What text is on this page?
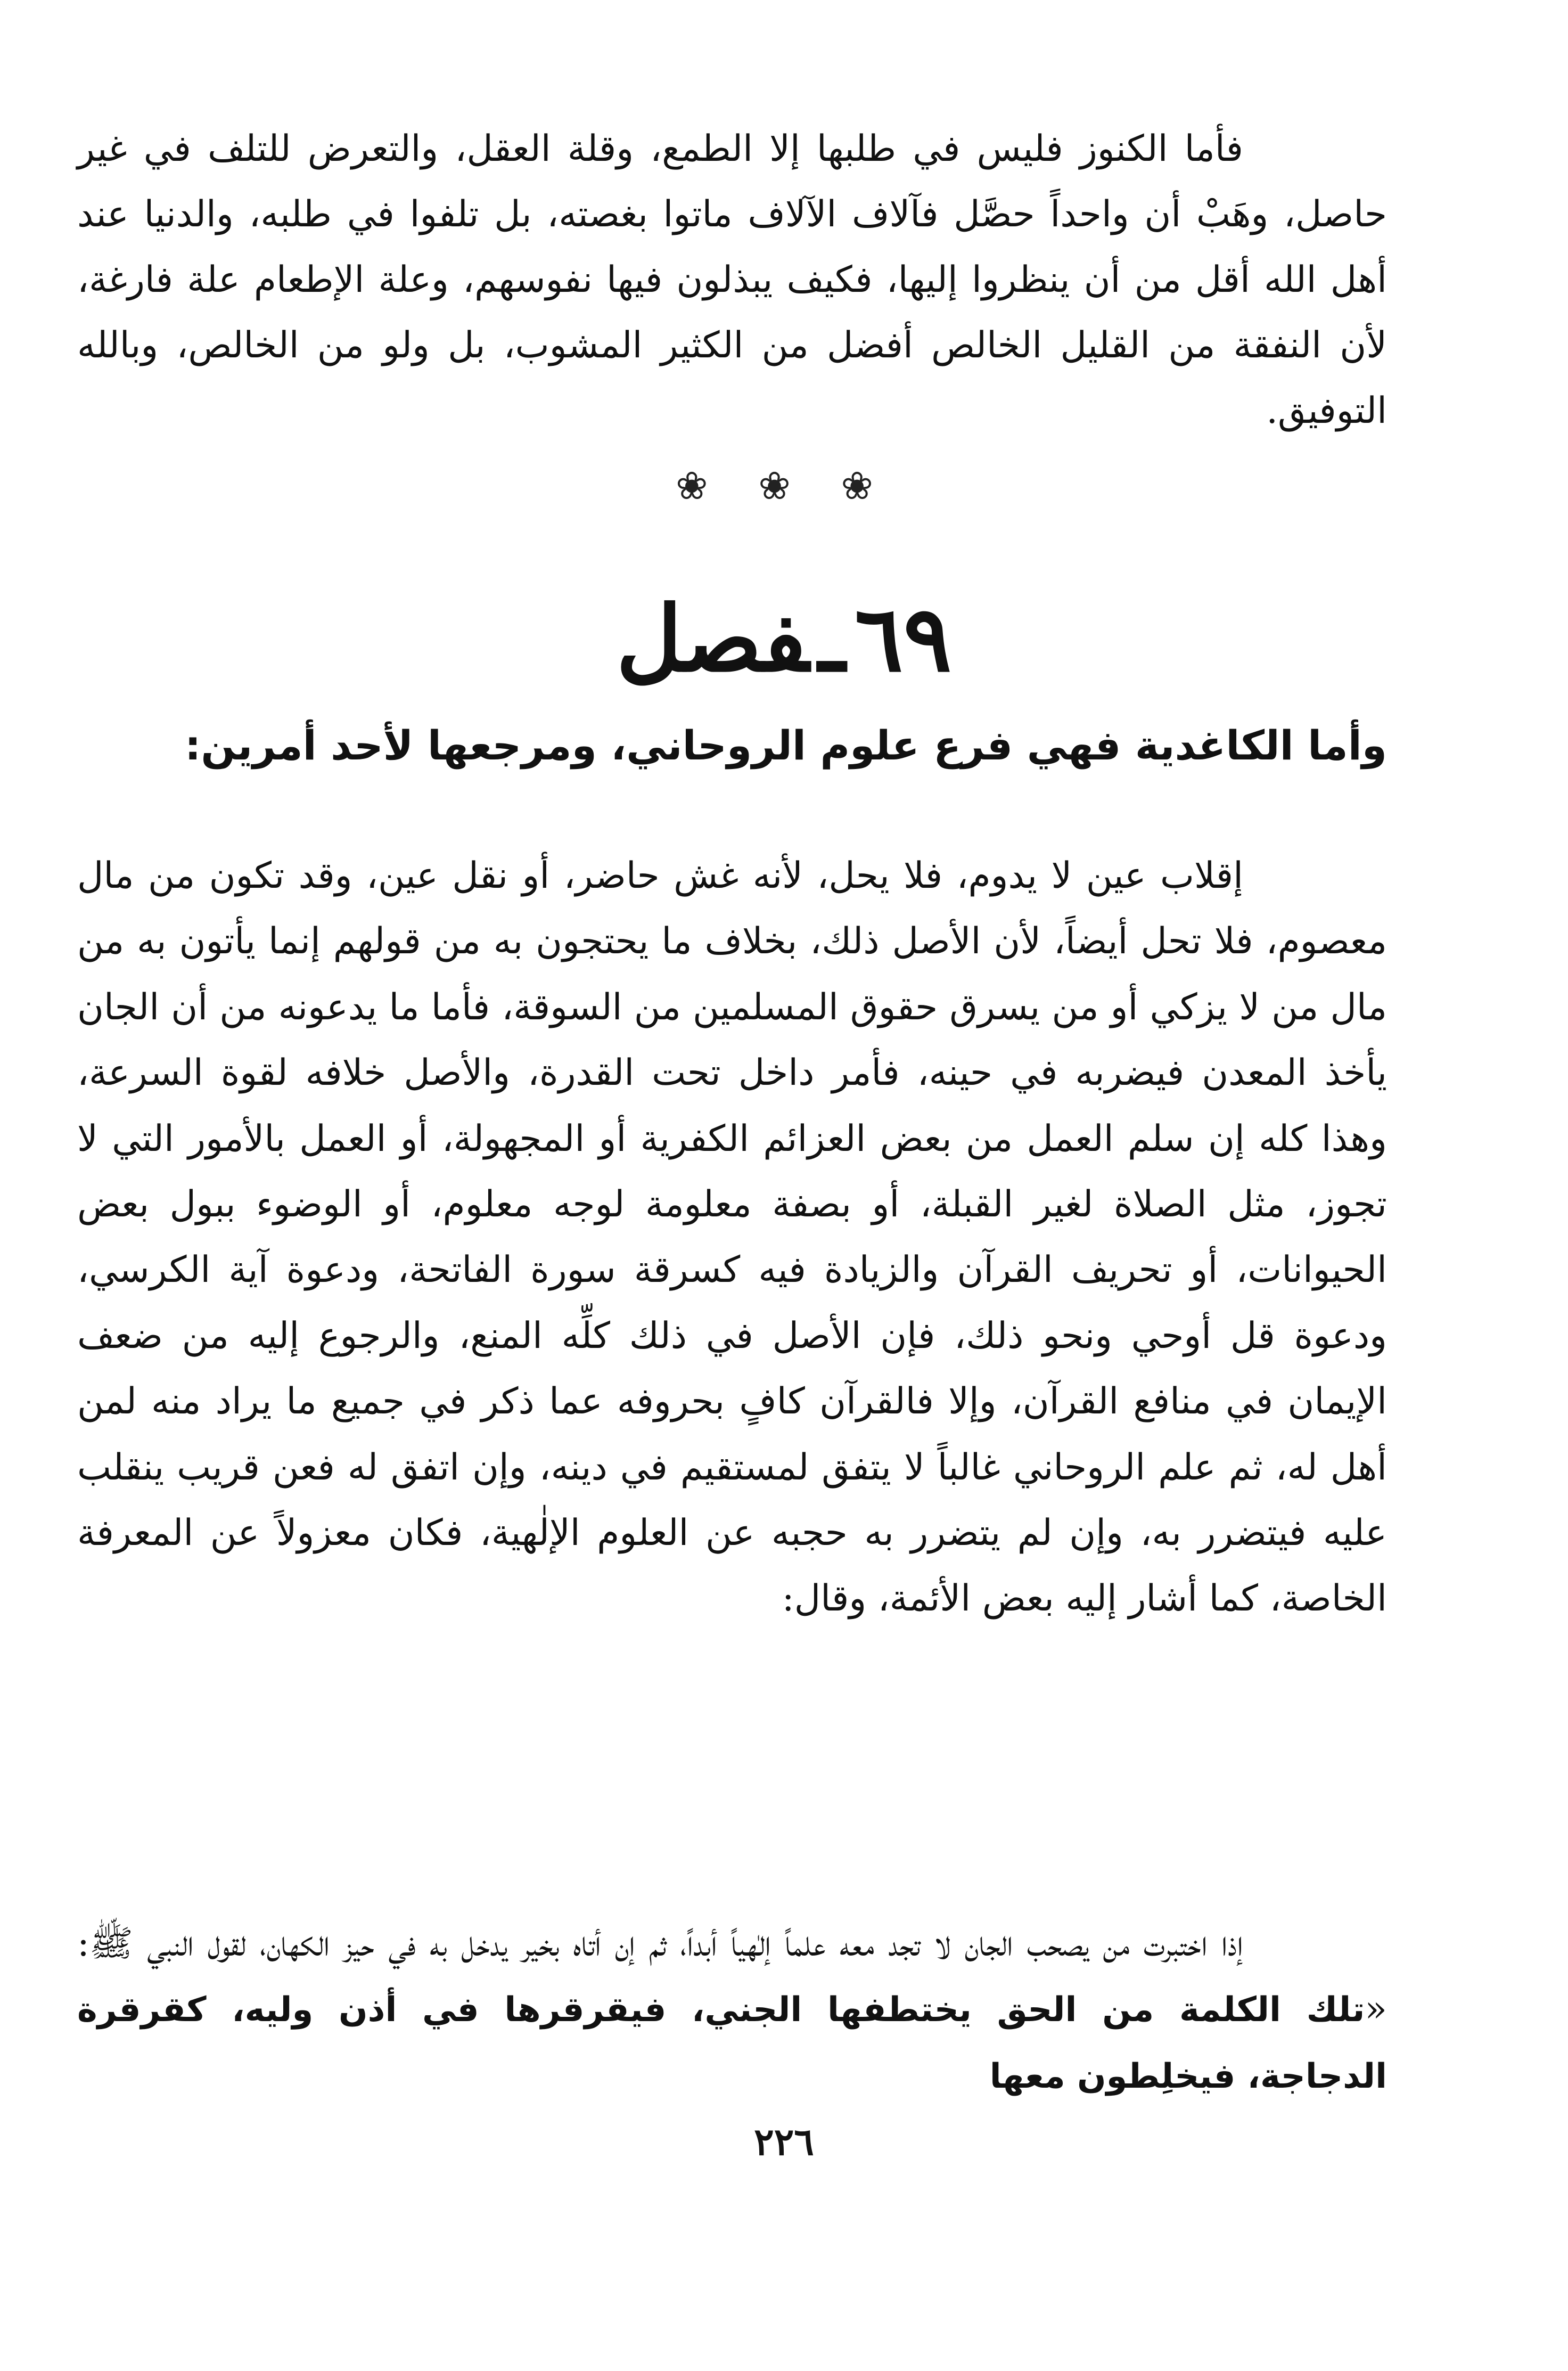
فأما الكنوز فليس في طلبها إلا الطمع، وقلة العقل، والتعرض للتلف في غير حاصل، وهَبْ أن واحداً حصَّل فآلاف الآلاف ماتوا بغصته، بل تلفوا في طلبه، والدنيا عند أهل الله أقل من أن ينظروا إليها، فكيف يبذلون فيها نفوسهم، وعلة الإطعام علة فارغة، لأن النفقة من القليل الخالص أفضل من الكثير المشوب، بل ولو من الخالص، وبالله التوفيق.

❀ ❀ ❀
٦٩ـفصل
وأما الكاغدية فهي فرع علوم الروحاني، ومرجعها لأحد أمرين:

إقلاب عين لا يدوم، فلا يحل، لأنه غش حاضر، أو نقل عين، وقد تكون من مال معصوم، فلا تحل أيضاً، لأن الأصل ذلك، بخلاف ما يحتجون به من قولهم إنما يأتون به من مال من لا يزكي أو من يسرق حقوق المسلمين من السوقة، فأما ما يدعونه من أن الجان يأخذ المعدن فيضربه في حينه، فأمر داخل تحت القدرة، والأصل خلافه لقوة السرعة، وهذا كله إن سلم العمل من بعض العزائم الكفرية أو المجهولة، أو العمل بالأمور التي لا تجوز، مثل الصلاة لغير القبلة، أو بصفة معلومة لوجه معلوم، أو الوضوء ببول بعض الحيوانات، أو تحريف القرآن والزيادة فيه كسرقة سورة الفاتحة، ودعوة آية الكرسي، ودعوة قل أوحي ونحو ذلك، فإن الأصل في ذلك كلِّه المنع، والرجوع إليه من ضعف الإيمان في منافع القرآن، وإلا فالقرآن كافٍ بحروفه عما ذكر في جميع ما يراد منه لمن أهل له، ثم علم الروحاني غالباً لا يتفق لمستقيم في دينه، وإن اتفق له فعن قريب ينقلب عليه فيتضرر به، وإن لم يتضرر به حجبه عن العلوم الإلٰهية، فكان معزولاً عن المعرفة الخاصة، كما أشار إليه بعض الأئمة، وقال:

إذا اختبرت من يصحب الجان لا تجد معه علماً إلٰهياً أبداً، ثم إن أتاه بخير يدخل به في حيز الكهان، لقول النبي ﷺ: «تلك الكلمة من الحق يختطفها الجني، فيقرقرها في أذن وليه، كقرقرة الدجاجة، فيخلِطون معها

٢٢٦
